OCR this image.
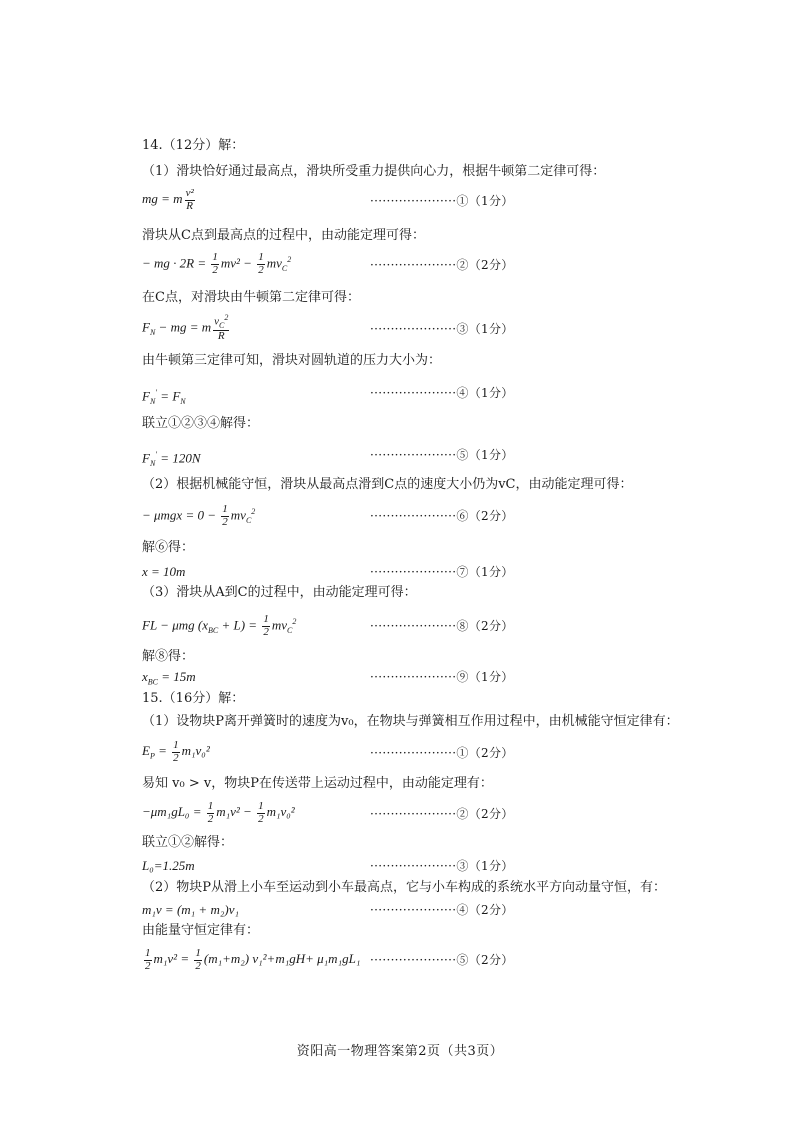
14.（12分）解：
（1）滑块恰好通过最高点，滑块所受重力提供向心力，根据牛顿第二定律可得：
mg = m $\frac{\text{v²}}{R}$	·····················①（1分）
滑块从C点到最高点的过程中，由动能定理可得：
− mg · $2R = \frac{1}{2} mv^2 - \frac{1}{2} mv_C^2$	·····················②（2分）
在C点，对滑块由牛顿第二定律可得：
$F_N$ − mg = m $\frac{v_C^2}{R}$	·····················③（1分）
由牛顿第三定律可知，滑块对圆轨道的压力大小为：
$F_N' = F_N$
·····················④（1分）
联立①②③④解得：
$F_N' = 120N$	·····················⑤（1分）
（2）根据机械能守恒，滑块从最高点滑到C点的速度大小仍为vC，由动能定理可得：
− $\mu mgx = 0 - \frac{1}{2} mv_C^2$	·····················⑥（2分）
解⑥得：
x = 10m	·····················⑦（1分）
（3）滑块从A到C的过程中，由动能定理可得：
FL − μmg $(x_{BC} + L) = \frac{1}{2} mv_C^2$	·····················⑧（2分）
解⑧得：
$x_{BC} = 15m$	·····················⑨（1分）
15.（16分）解：
（1）设物块P离开弹簧时的速度为v₀，在物块与弹簧相互作用过程中，由机械能守恒定律有：
$E_P = \frac{1}{2} m_1v_0^2$	·····················①（2分）
易知 v₀ > v，物块P在传送带上运动过程中，由动能定理有：
$-\mu m_1gL_0 = \frac{1}{2} m_1v^2 - \frac{1}{2} m_1v_0^2$	·····················②（2分）
联立①②解得：
L₀=1.25m	·····················③（1分）
（2）物块P从滑上小车至运动到小车最高点，它与小车构成的系统水平方向动量守恒，有：
m₁v = (m₁ + m₂)v₁	·····················④（2分）
由能量守恒定律有：
$\frac{1}{2} m_1v^2 = \frac{1}{2} (m_1+m_2)$ v₁²+m₁gH+ μ₁m₁gL₁ ·····················⑤（2分）
资阳高一物理答案第2页（共3页）
